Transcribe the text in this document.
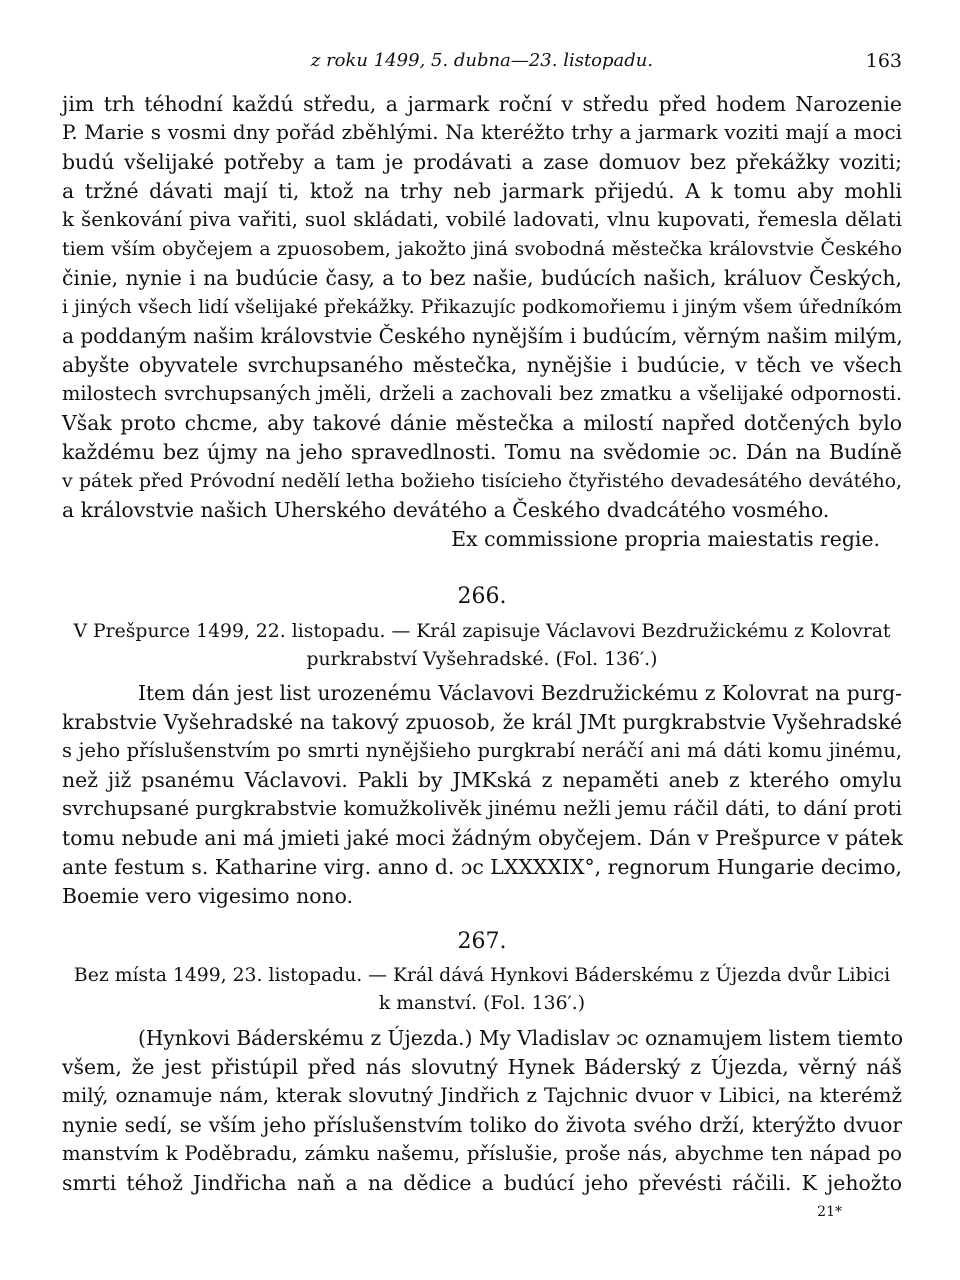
z roku 1499, 5. dubna—23. listopadu.	163
jim trh téhodní každú středu, a jarmark roční v středu před hodem Narozenie
P. Marie s vosmi dny pořád zběhlými. Na kteréžto trhy a jarmark voziti mají a moci
budú všelijaké potřeby a tam je prodávati a zase domuov bez překážky voziti;
a tržné dávati mají ti, ktož na trhy neb jarmark přijedú. A k tomu aby mohli
k šenkování piva vařiti, suol skládati, vobilé ladovati, vlnu kupovati, řemesla dělati
tiem vším obyčejem a zpuosobem, jakožto jiná svobodná městečka královstvie Českého
činie, nynie i na budúcie časy, a to bez našie, budúcích našich, králuov Českých,
i jiných všech lidí všelijaké překážky. Přikazujíc podkomořiemu i jiným všem úředníkóm
a poddaným našim královstvie Českého nynějším i budúcím, věrným našim milým,
abyšte obyvatele svrchupsaného městečka, nynějšie i budúcie, v těch ve všech
milostech svrchupsaných jměli, drželi a zachovali bez zmatku a všelijaké odpornosti.
Však proto chcme, aby takové dánie městečka a milostí napřed dotčených bylo
každému bez újmy na jeho spravedlnosti. Tomu na svědomie ɔc. Dán na Budíně
v pátek před Próvodní nedělí letha božieho tisícieho čtyřistého devadesátého devátého,
a královstvie našich Uherského devátého a Českého dvadcátého vosmého.
Ex commissione propria maiestatis regie.
266.
V Prešpurce 1499, 22. listopadu. — Král zapisuje Václavovi Bezdružickému z Kolovrat
purkrabství Vyšehradské. (Fol. 136′.)
Item dán jest list urozenému Václavovi Bezdružickému z Kolovrat na purg-
krabstvie Vyšehradské na takový zpuosob, že král JMt purgkrabstvie Vyšehradské
s jeho příslušenstvím po smrti nynějšieho purgkrabí neráčí ani má dáti komu jinému,
než již psanému Václavovi. Pakli by JMKská z nepaměti aneb z kterého omylu
svrchupsané purgkrabstvie komužkolivěk jinému nežli jemu ráčil dáti, to dání proti
tomu nebude ani má jmieti jaké moci žádným obyčejem. Dán v Prešpurce v pátek
ante festum s. Katharine virg. anno d. ɔc LXXXXIX°, regnorum Hungarie decimo,
Boemie vero vigesimo nono.
267.
Bez místa 1499, 23. listopadu. — Král dává Hynkovi Báderskému z Újezda dvůr Libici
k manství. (Fol. 136′.)
(Hynkovi Báderskému z Újezda.) My Vladislav ɔc oznamujem listem tiemto
všem, že jest přistúpil před nás slovutný Hynek Báderský z Újezda, věrný náš
milý, oznamuje nám, kterak slovutný Jindřich z Tajchnic dvuor v Libici, na kterémž
nynie sedí, se vším jeho příslušenstvím toliko do života svého drží, kterýžto dvuor
manstvím k Poděbradu, zámku našemu, příslušie, proše nás, abychme ten nápad po
smrti téhož Jindřicha naň a na dědice a budúcí jeho převésti ráčili. K jehožto
21*
